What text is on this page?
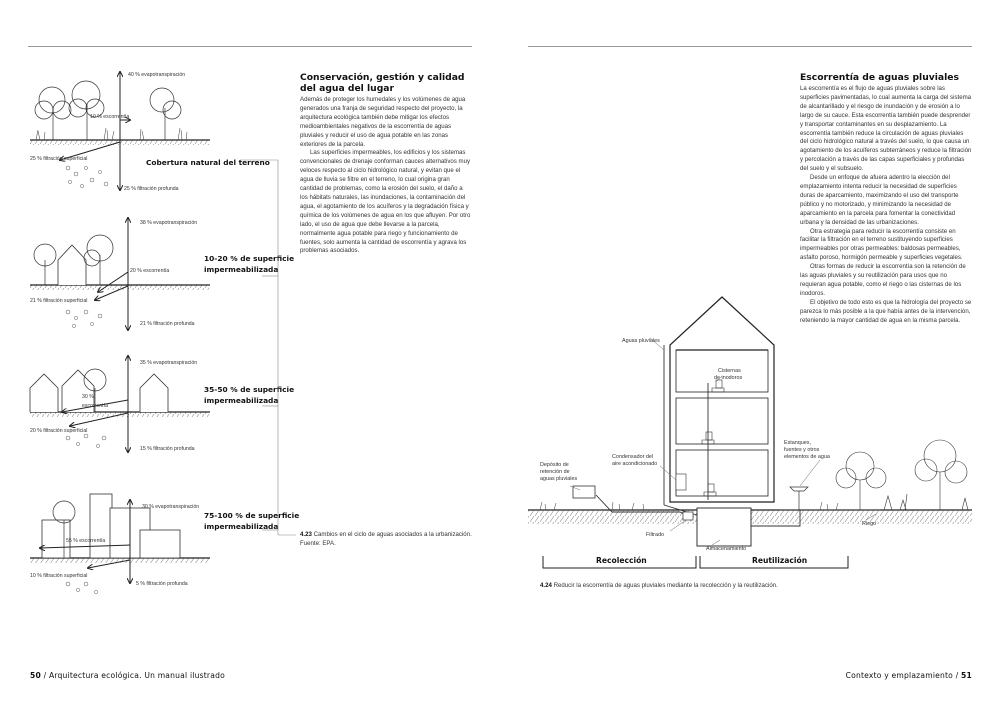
40 % evapotranspiración
10 % escorrentía
25 % filtración superficial
25 % filtración profunda
Cobertura natural del terreno
38 % evapotranspiración
20 % escorrentía
21 % filtración superficial
21 % filtración profunda
10-20 % de superficie
impermeabilizada
35 % evapotranspiración
30 %
escorrentía
20 % filtración superficial
15 % filtración profunda
35-50 % de superficie
impermeabilizada
30 % evapotranspiración
55 % escorrentía
10 % filtración superficial
5 % filtración profunda
75-100 % de superficie
impermeabilizada
Aguas pluviales
Cisternas
de inodoros
Condensador del
aire acondicionado
Depósito de
retención de
aguas pluviales
Estanques,
fuentes y otros
elementos de agua
Riego
Filtrado
Almacenamiento
Recolección	Reutilización
Conservación, gestión y calidad
del agua del lugar

Además de proteger los humedales y los volúmenes de agua generados una franja de seguridad respecto del proyecto, la arquitectura ecológica también debe mitigar los efectos medioambientales negativos de la escorrentía de aguas pluviales y reducir el uso de agua potable en las zonas exteriores de la parcela.

Las superficies impermeables, los edificios y los sistemas convencionales de drenaje conforman cauces alternativos muy veloces respecto al ciclo hidrológico natural, y evitan que el agua de lluvia se filtre en el terreno, lo cual origina gran cantidad de problemas, como la erosión del suelo, el daño a los hábitats naturales, las inundaciones, la contaminación del agua, el agotamiento de los acuíferos y la degradación física y química de los volúmenes de agua en los que afluyen. Por otro lado, el uso de agua que debe llevarse a la parcela, normalmente agua potable para riego y funcionamiento de fuentes, solo aumenta la cantidad de escorrentía y agrava los problemas asociados.

4.23 Cambios en el ciclo de aguas asociados a la urbanización.
Fuente: EPA.
Escorrentía de aguas pluviales

La escorrentía es el flujo de aguas pluviales sobre las superficies pavimentadas, lo cual aumenta la carga del sistema de alcantarillado y el riesgo de inundación y de erosión a lo largo de su cauce. Esta escorrentía también puede desprender y transportar contaminantes en su desplazamiento. La escorrentía también reduce la circulación de aguas pluviales del ciclo hidrológico natural a través del suelo, lo que causa un agotamiento de los acuíferos subterráneos y reduce la filtración y percolación a través de las capas superficiales y profundas del suelo y el subsuelo.

Desde un enfoque de afuera adentro la elección del emplazamiento intenta reducir la necesidad de superficies duras de aparcamiento, maximizando el uso del transporte público y no motorizado, y minimizando la necesidad de aparcamiento en la parcela para fomentar la conectividad urbana y la densidad de las urbanizaciones.

Otra estrategia para reducir la escorrentía consiste en facilitar la filtración en el terreno sustituyendo superficies impermeables por otras permeables: baldosas permeables, asfalto poroso, hormigón permeable y superficies vegetales.

Otras formas de reducir la escorrentía son la retención de las aguas pluviales y su reutilización para usos que no requieran agua potable, como el riego o las cisternas de los inodoros.

El objetivo de todo esto es que la hidrología del proyecto se parezca lo más posible a la que había antes de la intervención, reteniendo la mayor cantidad de agua en la misma parcela.

4.24 Reducir la escorrentía de aguas pluviales mediante la recolección y la reutilización.
50 / Arquitectura ecológica. Un manual ilustrado	Contexto y emplazamiento / 51
